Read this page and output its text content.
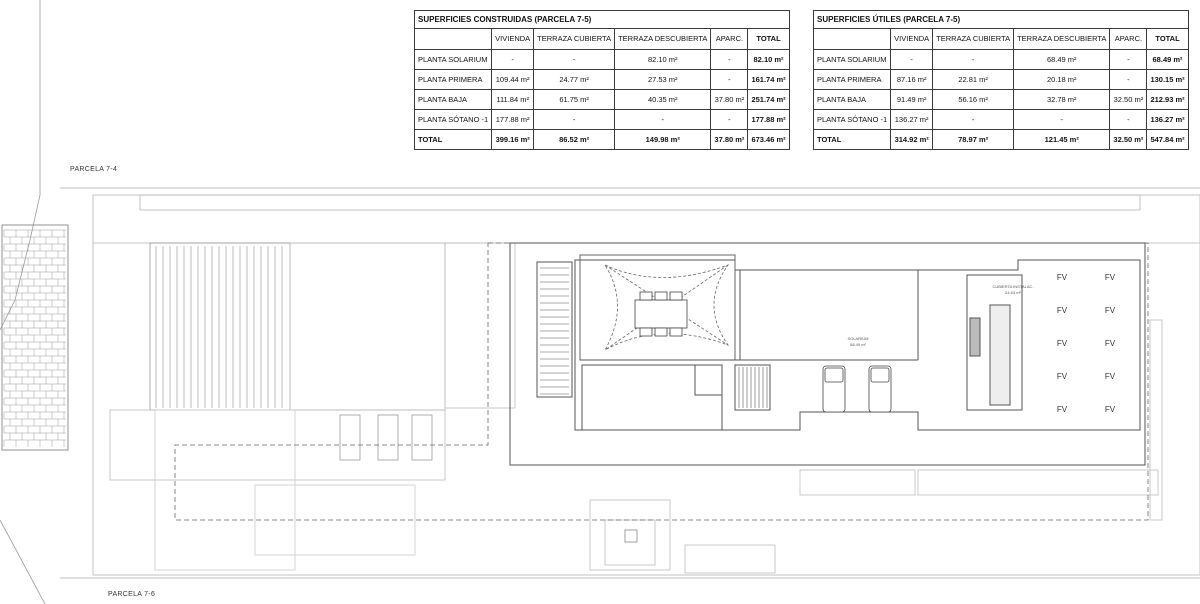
SOLARIUM
68.49 m²
CUBIERTA INSTALAC.
24.53 m²
FV	FV
FV	FV
FV	FV
FV	FV
FV	FV
PARCELA 7-4
PARCELA 7-6
SUPERFICIES CONSTRUIDAS (PARCELA 7-5)					
	VIVIENDA	TERRAZA CUBIERTA	TERRAZA DESCUBIERTA	APARC.	TOTAL
PLANTA SOLARIUM	-	-	82.10 m²	-	82.10 m²
PLANTA PRIMERA	109.44 m²	24.77 m²	27.53 m²	-	161.74 m²
PLANTA BAJA	111.84 m²	61.75 m²	40.35 m²	37.80 m²	251.74 m²
PLANTA SÓTANO -1	177.88 m²	-	-	-	177.88 m²
TOTAL	399.16 m²	86.52 m²	149.98 m²	37.80 m²	673.46 m²
SUPERFICIES ÚTILES (PARCELA 7-5)					
	VIVIENDA	TERRAZA CUBIERTA	TERRAZA DESCUBIERTA	APARC.	TOTAL
PLANTA SOLARIUM	-	-	68.49 m²	-	68.49 m²
PLANTA PRIMERA	87.16 m²	22.81 m²	20.18 m²	-	130.15 m²
PLANTA BAJA	91.49 m²	56.16 m²	32.78 m²	32.50 m²	212.93 m²
PLANTA SÓTANO -1	136.27 m²	-	-	-	136.27 m²
TOTAL	314.92 m²	78.97 m²	121.45 m²	32.50 m²	547.84 m²
